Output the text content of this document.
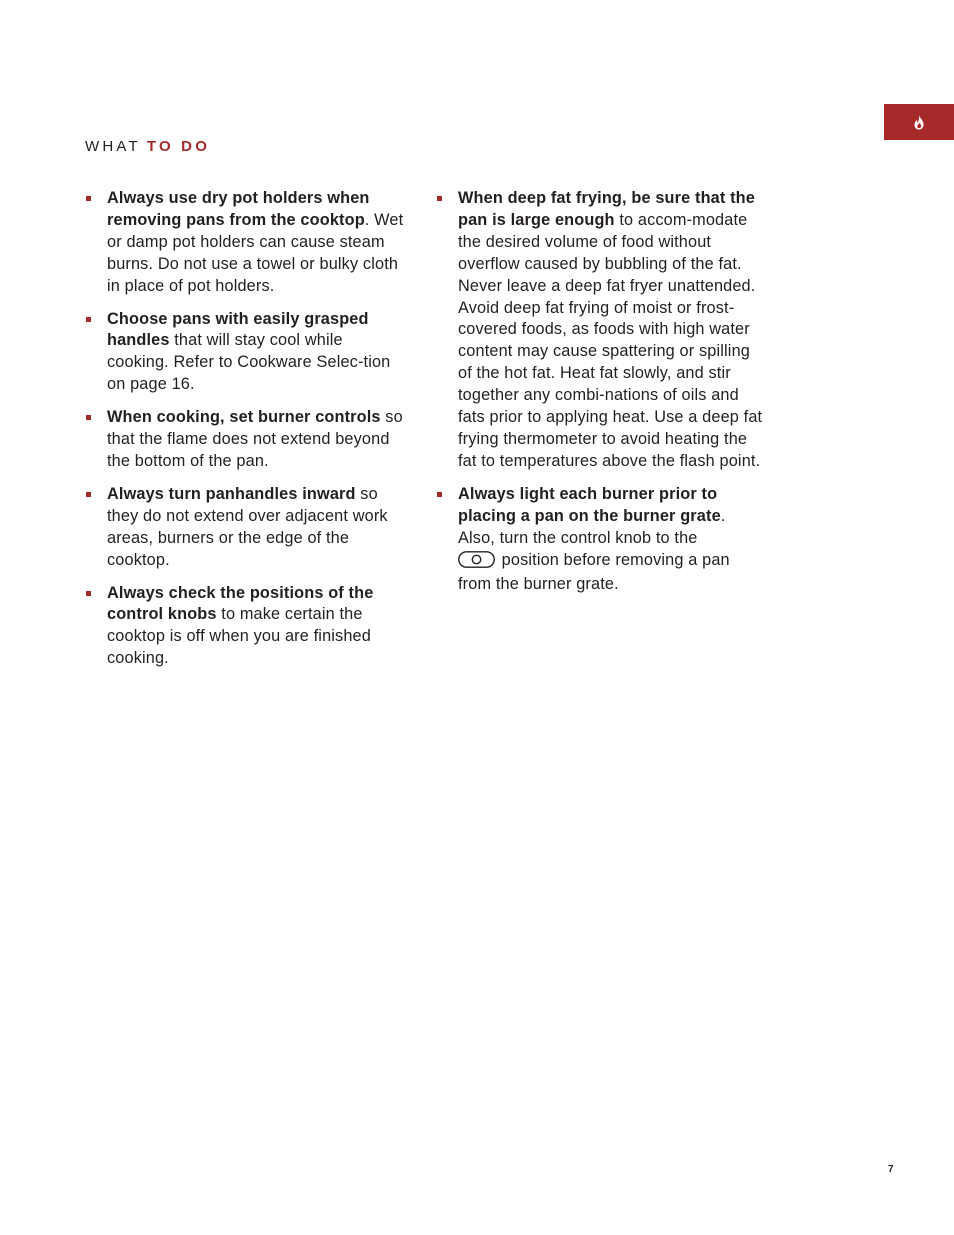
WHAT TO DO
Always use dry pot holders when removing pans from the cooktop. Wet or damp pot holders can cause steam burns. Do not use a towel or bulky cloth in place of pot holders.
Choose pans with easily grasped handles that will stay cool while cooking. Refer to Cookware Selec-tion on page 16.
When cooking, set burner controls so that the flame does not extend beyond the bottom of the pan.
Always turn panhandles inward so they do not extend over adjacent work areas, burners or the edge of the cooktop.
Always check the positions of the control knobs to make certain the cooktop is off when you are finished cooking.
When deep fat frying, be sure that the pan is large enough to accom-modate the desired volume of food without overflow caused by bubbling of the fat. Never leave a deep fat fryer unattended. Avoid deep fat frying of moist or frost-covered foods, as foods with high water content may cause spattering or spilling of the hot fat. Heat fat slowly, and stir together any combi-nations of oils and fats prior to applying heat. Use a deep fat frying thermometer to avoid heating the fat to temperatures above the flash point.
Always light each burner prior to placing a pan on the burner grate.
Also, turn the control knob to the
position before removing a pan from the burner grate.
7
